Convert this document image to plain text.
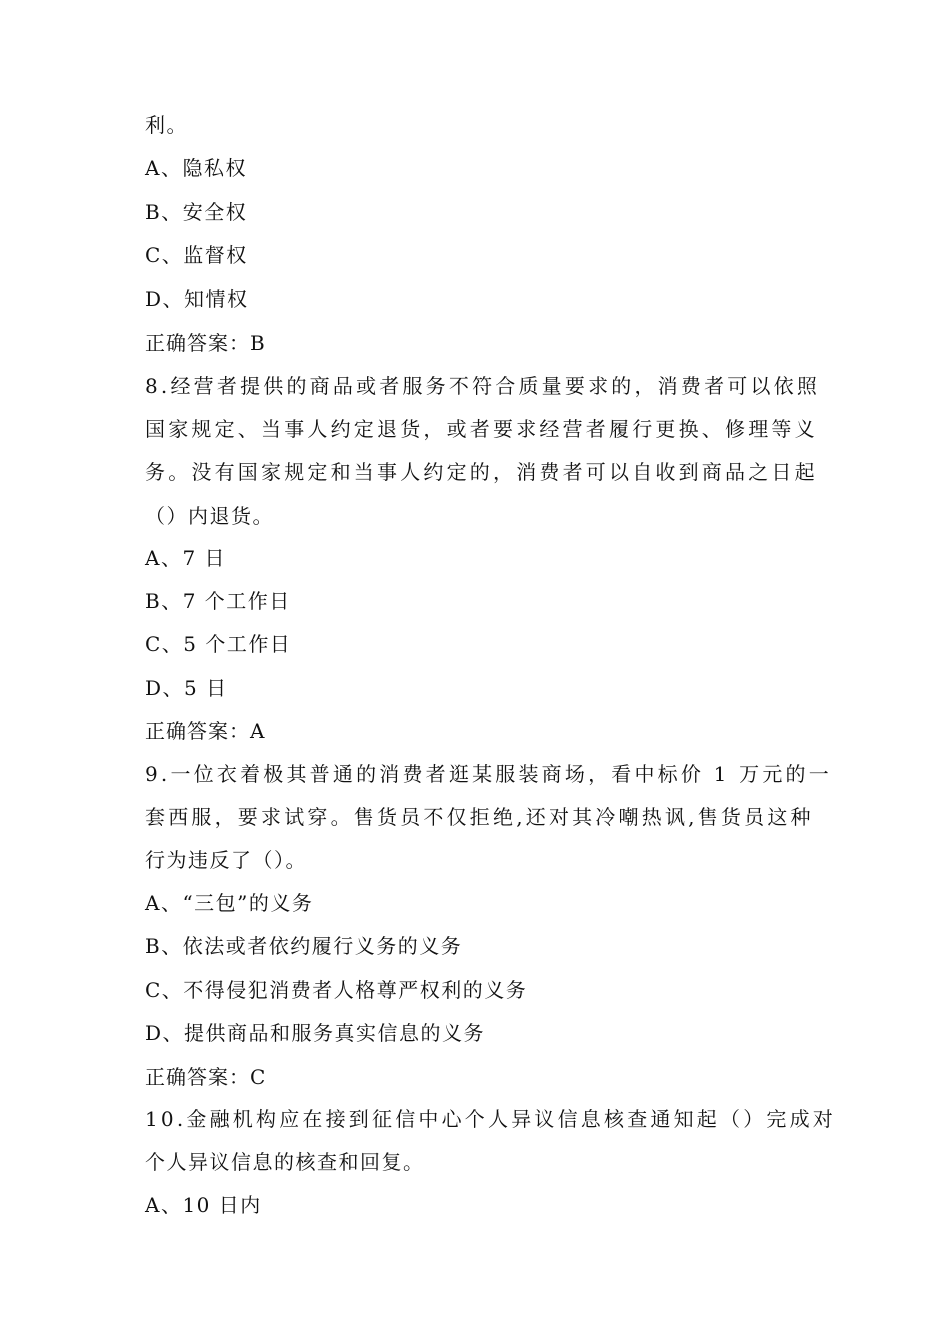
利。
A、隐私权
B、安全权
C、监督权
D、知情权
正确答案：B
8.经营者提供的商品或者服务不符合质量要求的，消费者可以依照
国家规定、当事人约定退货，或者要求经营者履行更换、修理等义
务。没有国家规定和当事人约定的，消费者可以自收到商品之日起
（）内退货。
A、7 日
B、7 个工作日
C、5 个工作日
D、5 日
正确答案：A
9.一位衣着极其普通的消费者逛某服装商场，看中标价 1 万元的一
套西服，要求试穿。售货员不仅拒绝,还对其冷嘲热讽,售货员这种
行为违反了（）。
A、“三包”的义务
B、依法或者依约履行义务的义务
C、不得侵犯消费者人格尊严权利的义务
D、提供商品和服务真实信息的义务
正确答案：C
10.金融机构应在接到征信中心个人异议信息核查通知起（）完成对
个人异议信息的核查和回复。
A、10 日内
